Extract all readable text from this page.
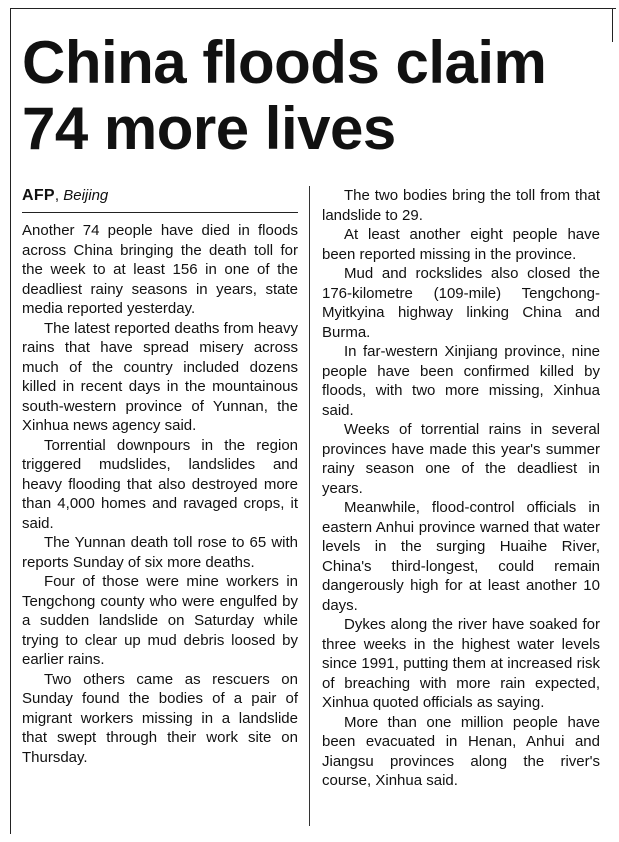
China floods claim 74 more lives
AFP, Beijing

Another 74 people have died in floods across China bringing the death toll for the week to at least 156 in one of the deadliest rainy seasons in years, state media reported yesterday.

The latest reported deaths from heavy rains that have spread misery across much of the country included dozens killed in recent days in the mountainous south-western province of Yunnan, the Xinhua news agency said.

Torrential downpours in the region triggered mudslides, landslides and heavy flooding that also destroyed more than 4,000 homes and ravaged crops, it said.

The Yunnan death toll rose to 65 with reports Sunday of six more deaths.

Four of those were mine workers in Tengchong county who were engulfed by a sudden landslide on Saturday while trying to clear up mud debris loosed by earlier rains.

Two others came as rescuers on Sunday found the bodies of a pair of migrant workers missing in a landslide that swept through their work site on Thursday.

The two bodies bring the toll from that landslide to 29.

At least another eight people have been reported missing in the province.

Mud and rockslides also closed the 176-kilometre (109-mile) Tengchong-Myitkyina highway linking China and Burma.

In far-western Xinjiang province, nine people have been confirmed killed by floods, with two more missing, Xinhua said.

Weeks of torrential rains in several provinces have made this year's summer rainy season one of the deadliest in years.

Meanwhile, flood-control officials in eastern Anhui province warned that water levels in the surging Huaihe River, China's third-longest, could remain dangerously high for at least another 10 days.

Dykes along the river have soaked for three weeks in the highest water levels since 1991, putting them at increased risk of breaching with more rain expected, Xinhua quoted officials as saying.

More than one million people have been evacuated in Henan, Anhui and Jiangsu provinces along the river's course, Xinhua said.
